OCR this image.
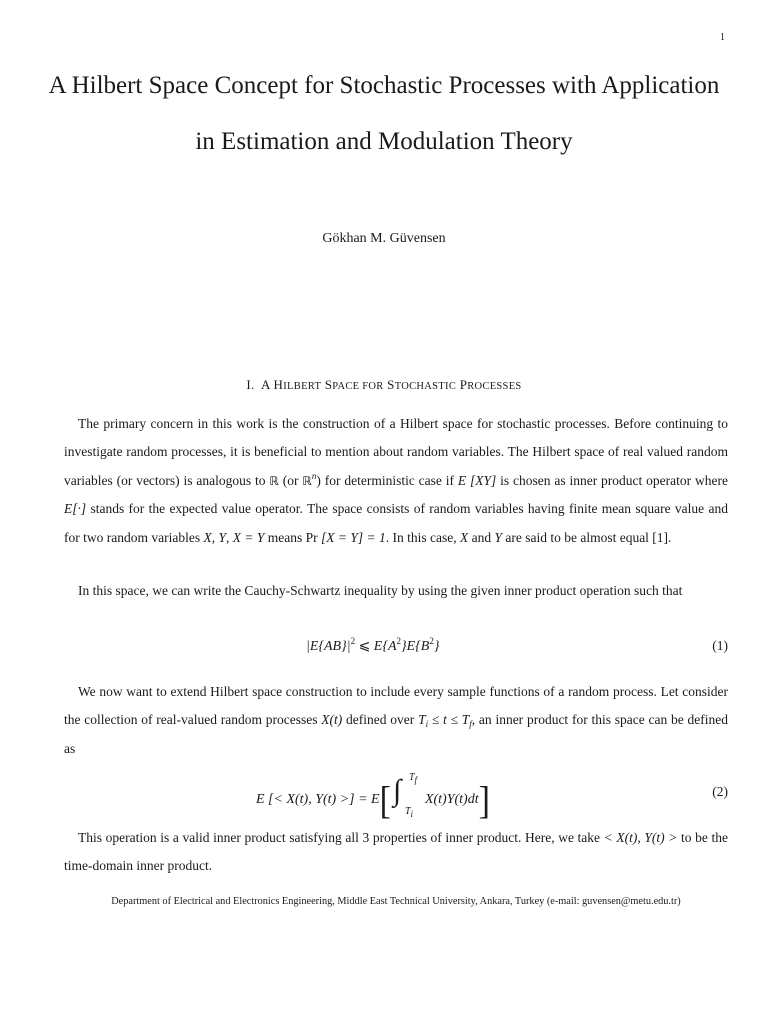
1
A Hilbert Space Concept for Stochastic Processes with Application in Estimation and Modulation Theory
Gökhan M. Güvensen
I. A HILBERT SPACE FOR STOCHASTIC PROCESSES

The primary concern in this work is the construction of a Hilbert space for stochastic processes. Before continuing to investigate random processes, it is beneficial to mention about random variables. The Hilbert space of real valued random variables (or vectors) is analogous to ℝ (or ℝ$^n$) for deterministic case if E [XY] is chosen as inner product operator where E[·] stands for the expected value operator. The space consists of random variables having finite mean square value and for two random variables X, Y, X = Y means Pr [X = Y] = 1. In this case, X and Y are said to be almost equal [1].

In this space, we can write the Cauchy-Schwartz inequality by using the given inner product operation such that

$|E\{AB\}|^2$ ⩽ $E\{A^2\}E\{B^2\}$	(1)

We now want to extend Hilbert space construction to include every sample functions of a random process. Let consider the collection of real-valued random processes X(t) defined over $T_i \le t \le T_f$, an inner product for this space can be defined as

E [< X(t), Y(t) >] = E[ ∫ $T_f$
$T_i$
X(t)Y(t)dt]	(2)

This operation is a valid inner product satisfying all 3 properties of inner product. Here, we take < X(t), Y(t) > to be the time-domain inner product.

Department of Electrical and Electronics Engineering, Middle East Technical University, Ankara, Turkey (e-mail: guvensen@metu.edu.tr)
